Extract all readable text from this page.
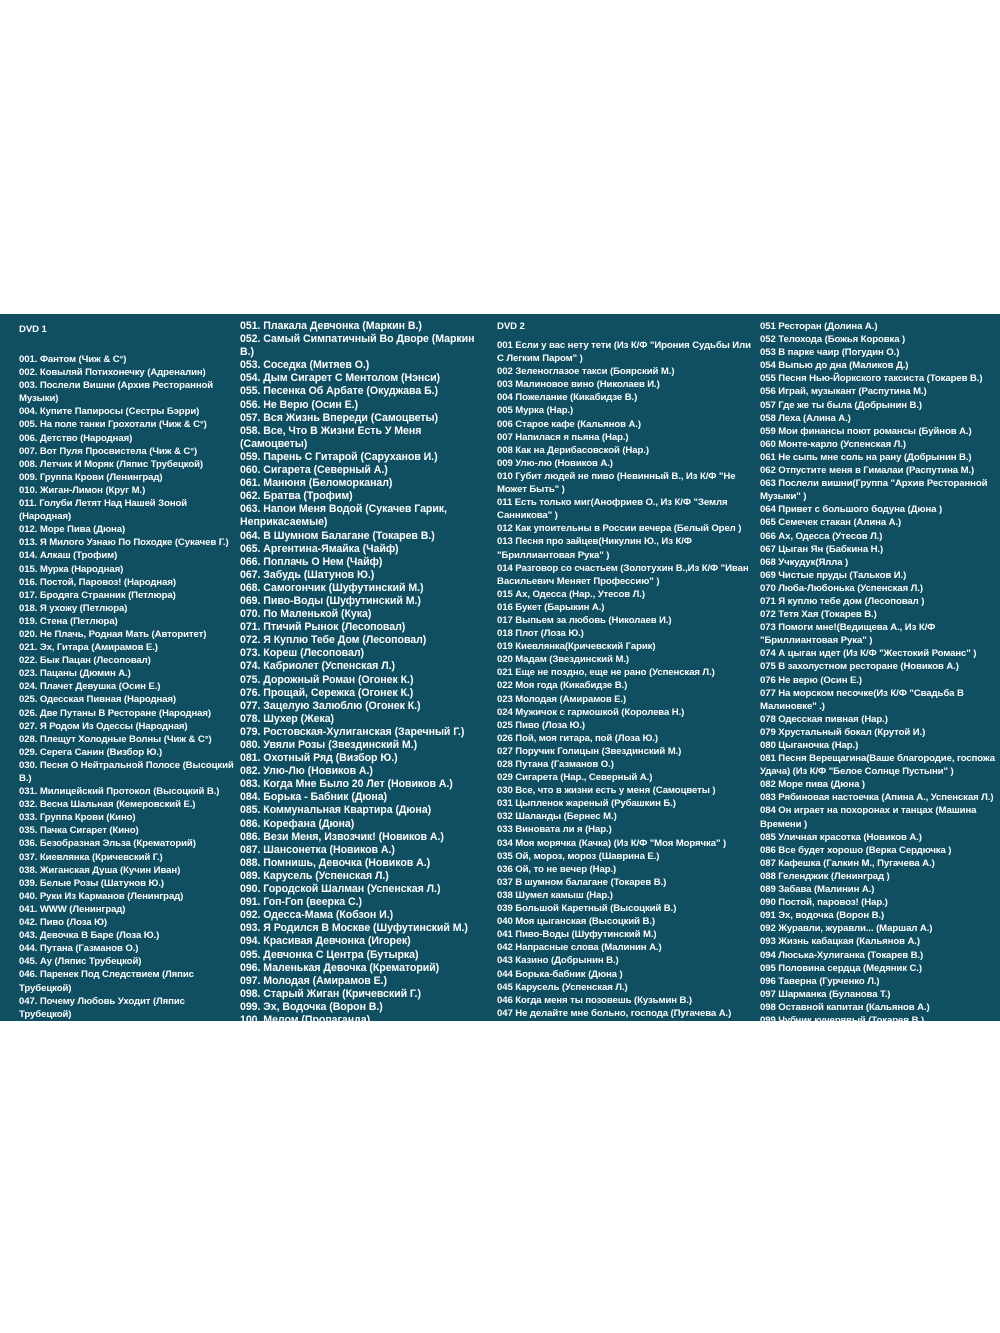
DVD 1
001. Фантом (Чиж & С°)
002. Ковыляй Потихонечку (Адреналин)
003. Послели Вишни (Архив Ресторанной Музыки)
004. Купите Папиросы (Сестры Бэрри)
005. На поле танки Грохотали (Чиж & С°)
006. Детство (Народная)
007. Вот Пуля Просвистела (Чиж & С°)
008. Летчик И Моряк (Ляпис Трубецкой)
009. Группа Крови (Ленинград)
010. Жиган-Лимон (Круг М.)
011. Голуби Летят Над Нашей Зоной (Народная)
012. Море Пива (Дюна)
013. Я Милого Узнаю По Походке (Сукачев Г.)
014. Алкаш (Трофим)
015. Мурка (Народная)
016. Постой, Паровоз! (Народная)
017. Бродяга Странник (Петлюра)
018. Я ухожу (Петлюра)
019. Стена (Петлюра)
020. Не Плачь, Родная Мать (Авторитет)
021. Эх, Гитара (Амирамов Е.)
022. Бык Пацан (Лесоповал)
023. Пацаны (Дюмин А.)
024. Плачет Девушка (Осин Е.)
025. Одесская Пивная (Народная)
026. Две Путаны В Ресторане (Народная)
027. Я Родом Из Одессы (Народная)
028. Плещут Холодные Волны (Чиж & С°)
029. Серега Санин (Визбор Ю.)
030. Песня О Нейтральной Полосе (Высоцкий В.)
031. Милицейский Протокол (Высоцкий В.)
032. Весна Шальная (Кемеровский Е.)
033. Группа Крови (Кино)
035. Пачка Сигарет (Кино)
036. Безобразная Эльза (Крематорий)
037. Киевлянка (Кричевский Г.)
038. Жиганская Душа (Кучин Иван)
039. Белые Розы (Шатунов Ю.)
040. Руки Из Карманов (Ленинград)
041. WWW (Ленинград)
042. Пиво (Лоза Ю)
043. Девочка В Баре (Лоза Ю.)
044. Путана (Газманов О.)
045. Ау (Ляпис Трубецкой)
046. Паренек Под Следствием (Ляпис Трубецкой)
047. Почему Любовь Уходит (Ляпис Трубецкой)
048. Пастушок (Ляпис Трубецкой)
049. Петька Морячок (Ляпис Трубецкой)
050. Блатная Песня (Посвящение Аркадию Северному) (Науменко Майк)
051. Плакала Девчонка (Маркин В.)
052. Самый Симпатичный Во Дворе (Маркин В.)
053. Соседка (Митяев О.)
054. Дым Сигарет С Ментолом (Нэнси)
055. Песенка Об Арбате (Окуджава Б.)
056. Не Верю (Осин Е.)
057. Вся Жизнь Впереди (Самоцветы)
058. Все, Что В Жизни Есть У Меня (Самоцветы)
059. Парень С Гитарой (Саруханов И.)
060. Сигарета (Северный А.)
061. Манюня (Беломорканал)
062. Братва (Трофим)
063. Напои Меня Водой (Сукачев Гарик, Неприкасаемые)
064. В Шумном Балагане (Токарев В.)
065. Аргентина-Ямайка (Чайф)
066. Поплачь О Нем (Чайф)
067. Забудь (Шатунов Ю.)
068. Самогончик (Шуфутинский М.)
069. Пиво-Воды (Шуфутинский М.)
070. По Маленькой (Кука)
071. Птичий Рынок (Лесоповал)
072. Я Куплю Тебе Дом (Лесоповал)
073. Кореш (Лесоповал)
074. Кабриолет (Успенская Л.)
075. Дорожный Роман (Огонек К.)
076. Прощай, Сережка (Огонек К.)
077. Зацелую Залюблю (Огонек К.)
078. Шухер (Жека)
079. Ростовская-Хулиганская (Заречный Г.)
080. Увяли Розы (Звездинский М.)
081. Охотный Ряд (Визбор Ю.)
082. Улю-Лю (Новиков А.)
083. Когда Мне Было 20 Лет (Новиков А.)
084. Борька - Бабник (Дюна)
085. Коммунальная Квартира (Дюна)
086. Корефана (Дюна)
086. Вези Меня, Извозчик! (Новиков А.)
087. Шансонетка (Новиков А.)
088. Помнишь, Девочка (Новиков А.)
089. Карусель (Успенская Л.)
090. Городской Шалман (Успенская Л.)
091. Гоп-Гоп (веерка С.)
092. Одесса-Мама (Кобзон И.)
093. Я Родился В Москве (Шуфутинский М.)
094. Красивая Девчонка (Игорек)
095. Девчонка С Центра (Бутырка)
096. Маленькая Девочка (Крематорий)
097. Молодая (Амирамов Е.)
098. Старый Жиган (Кричевский Г.)
099. Эх, Водочка (Ворон В.)
100. Мелом (Пропаганда)
DVD 2
001 Если у вас нету тети (Из К/Ф "Ирония Судьбы Или С Легким Паром" )
002 Зеленоглазое такси (Боярский М.)
003 Малиновое вино (Николаев И.)
004 Пожелание (Кикабидзе В.)
005 Мурка (Нар.)
006 Старое кафе (Кальянов А.)
007 Напилася я пьяна (Нар.)
008 Как на Дерибасовской (Нар.)
009 Улю-лю (Новиков А.)
010 Губит людей не пиво (Невинный В., Из К/Ф "Не Может Быть" )
011 Есть только миг(Анофриев О., Из К/Ф "Земля Санникова" )
012 Как упоительны в России вечера (Белый Орел )
013 Песня про зайцев(Никулин Ю., Из К/Ф "Бриллиантовая Рука" )
014 Разговор со счастьем (Золотухин В.,Из К/Ф "Иван Васильевич Меняет Профессию" )
015 Ах, Одесса (Нар., Утесов Л.)
016 Букет (Барыкин А.)
017 Выпьем за любовь (Николаев И.)
018 Плот (Лоза Ю.)
019 Киевлянка(Кричевский Гарик)
020 Мадам (Звездинский М.)
021 Еще не поздно, еще не рано (Успенская Л.)
022 Моя года (Кикабидзе В.)
023 Молодая (Амирамов Е.)
024 Мужичок с гармошкой (Королева Н.)
025 Пиво (Лоза Ю.)
026 Пой, моя гитара, пой (Лоза Ю.)
027 Поручик Голицын (Звездинский М.)
028 Путана (Газманов О.)
029 Сигарета (Нар., Северный А.)
030 Все, что в жизни есть у меня (Самоцветы )
031 Цыпленок жареный (Рубашкин Б.)
032 Шаланды (Бернес М.)
033 Виновата ли я (Нар.)
034 Моя морячка (Качка) (Из К/Ф "Моя Морячка" )
035 Ой, мороз, мороз (Шаврина Е.)
036 Ой, то не вечер (Нар.)
037 В шумном балагане (Токарев В.)
038 Шумел камыш (Нар.)
039 Большой Каретный (Высоцкий В.)
040 Моя цыганская (Высоцкий В.)
041 Пиво-Воды (Шуфутинский М.)
042 Напрасные слова (Малинин А.)
043 Казино (Добрынин В.)
044 Борька-бабник (Дюна )
045 Карусель (Успенская Л.)
046 Когда меня ты позовешь (Кузьмин В.)
047 Не делайте мне больно, господа (Пугачева А.)
048 Погода в доме (Долина А.)
049 Пойте, цыгане (Нар.)
050 Пропадаю я (Успенская Л.)
051 Ресторан (Долина А.)
052 Телохода (Божья Коровка )
053 В парке чаир (Погудин О.)
054 Выпью до дна (Маликов Д.)
055 Песня Нью-Йоркского таксиста (Токарев В.)
056 Играй, музыкант (Распутина М.)
057 Где же ты была (Добрынин В.)
058 Леха (Алина А.)
059 Мои финансы поют романсы (Буйнов А.)
060 Монте-карло (Успенская Л.)
061 Не сыпь мне соль на рану (Добрынин В.)
062 Отпустите меня в Гималаи (Распутина М.)
063 Послели вишни(Группа "Архив Ресторанной Музыки" )
064 Привет с большого бодуна (Дюна )
065 Семечек стакан (Алина А.)
066 Ах, Одесса (Утесов Л.)
067 Цыган Ян (Бабкина Н.)
068 Учкудук(Ялла )
069 Чистые пруды (Тальков И.)
070 Люба-Любонька (Успенская Л.)
071 Я куплю тебе дом (Лесоповал )
072 Тетя Хая (Токарев В.)
073 Помоги мне!(Ведищева А., Из К/Ф "Бриллиантовая Рука" )
074 А цыган идет (Из К/Ф "Жестокий Романс" )
075 В захолустном ресторане (Новиков А.)
076 Не верю (Осин Е.)
077 На морском песочке(Из К/Ф "Свадьба В Малиновке" .)
078 Одесская пивная (Нар.)
079 Хрустальный бокал (Крутой И.)
080 Цыганочка (Нар.)
081 Песня Верещагина(Ваше благородие, госпожа Удача) (Из К/Ф "Белое Солнце Пустыни" )
082 Море пива (Дюна )
083 Рябиновая настоечка (Апина А., Успенская Л.)
084 Он играет на похоронах и танцах (Машина Времени )
085 Уличная красотка (Новиков А.)
086 Все будет хорошо (Верка Сердючка )
087 Кафешка (Галкин М., Пугачева А.)
088 Геленджик (Ленинград )
089 Забава (Малинин А.)
090 Постой, паровоз! (Нар.)
091 Эх, водочка (Ворон В.)
092 Журавли, журавли... (Маршал А.)
093 Жизнь кабацкая (Кальянов А.)
094 Люська-Хулиганка (Токарев В.)
095 Половина сердца (Медяник С.)
096 Таверна (Гурченко Л.)
097 Шарманка (Буланова Т.)
098 Оставной капитан (Кальянов А.)
099 Чубчик кучерявый (Токарев В.)
100 Дорожная (Сукачев Г.)
